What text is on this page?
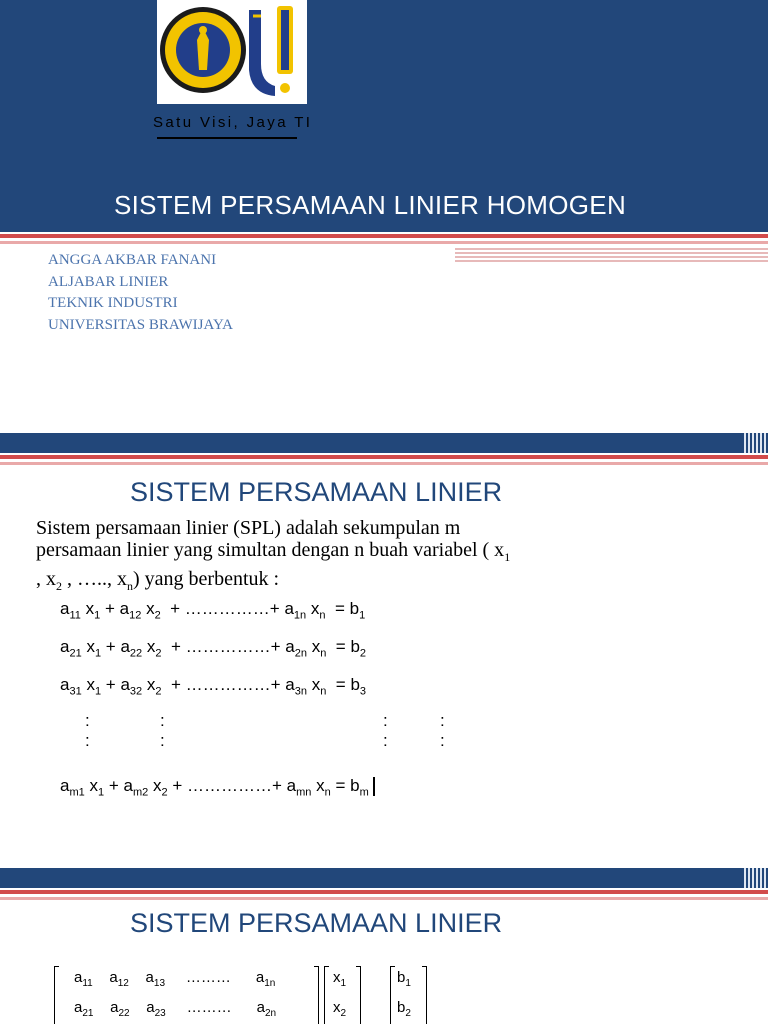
Satu Visi, Jaya TI
SISTEM PERSAMAAN LINIER HOMOGEN
ANGGA AKBAR FANANI
ALJABAR LINIER
TEKNIK INDUSTRI
UNIVERSITAS BRAWIJAYA
SISTEM PERSAMAAN LINIER
Sistem persamaan linier (SPL) adalah sekumpulan m
persamaan linier yang simultan dengan n buah variabel ( $x_1$
, $x_2$ , ….., $x_n$) yang berbentuk :
$a_{11}$ $x_1 + a_{12}$ $x_2$  + ……………+ $a_{1n}$ $x_n = b_1$
$a_{21}$ $x_1 + a_{22}$ $x_2$  + ……………+ $a_{2n}$ $x_n = b_2$
$a_{31}$ $x_1 + a_{32}$ $x_2$  + ……………+ $a_{3n}$ $x_n = b_3$
:
:
:
:
:
:
:
:
$a_{m1}$ $x_1 + a_{m2}$ $x_2$ + ……………+ $a_{mn}$ $x_n = b_m$
SISTEM PERSAMAAN LINIER
$a_{11}$    $a_{12}$    $a_{13}$     ………      $a_{1n}$
$a_{21}$    $a_{22}$    $a_{23}$     ………      $a_{2n}$
$x_1$
$x_2$
$b_1$
$b_2$
